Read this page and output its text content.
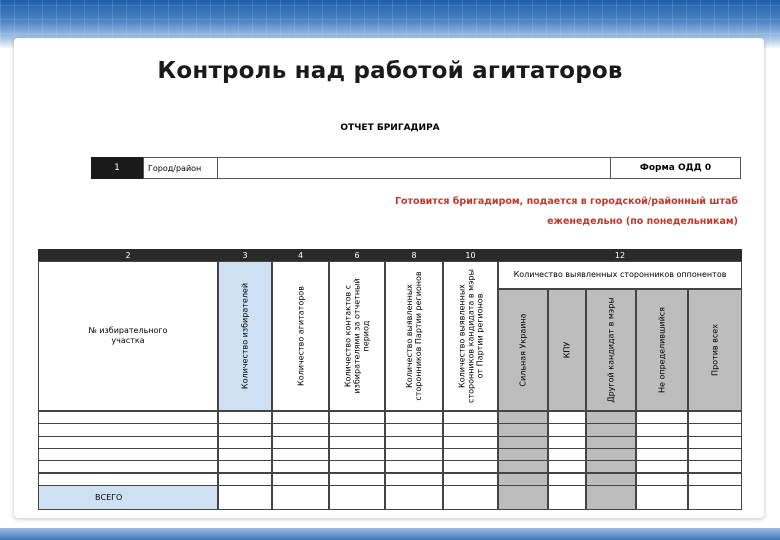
Контроль над работой агитаторов
ОТЧЕТ БРИГАДИРА
1	Город/район	Форма ОДД 0
Готовится бригадиром, подается в городской/районный штаб
еженедельно (по понедельникам)
2	3	4	6	8	10	12
№ избирательного участка	Количество избирателей	Количество агитаторов	Количество контактов с избирателями за отчетный период	Количество выявленных сторонников Партии регионов	Количество выявленных сторонников кандидата в мэры от Партии регионов
Количество выявленных сторонников оппонентов
Сильная Украина	КПУ	Другой кандидат в мэры	Не определившийся	Против всех
ВСЕГО
